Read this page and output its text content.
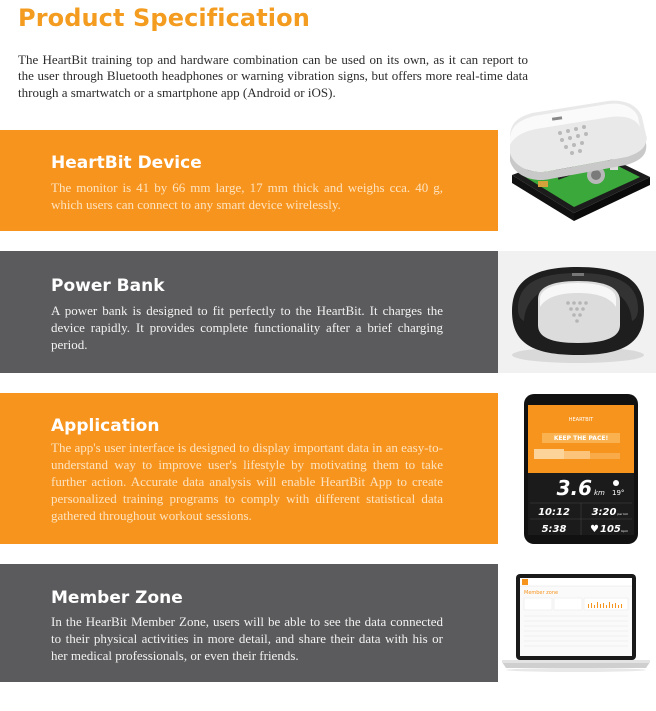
Product Specification
The HeartBit training top and hardware combination can be used on its own, as it can report to the user through Bluetooth headphones or warning vibration signs, but offers more real-time data through a smartwatch or a smartphone app (Android or iOS).
HeartBit Device

The monitor is 41 by 66 mm large, 17 mm thick and weighs cca. 40 g, which users can connect to any smart device wirelessly.

Power Bank

A power bank is designed to fit perfectly to the HeartBit. It charges the device rapidly. It provides complete functionality after a brief charging period.

Application

The app's user interface is designed to display important data in an easy-to-understand way to improve user's lifestyle by motivating them to take further action. Accurate data analysis will enable HeartBit App to create personalized training programs to comply with different statistical data gathered throughout workout sessions.

Member Zone

In the HearBit Member Zone, users will be able to see the data connected to their physical activities in more detail, and share their data with his or her medical professionals, or even their friends.

HEARTBIT
KEEP THE PACE!
3.6 km 19°
10:12 3:20 per km
5:38 ♥ 105 bpm
Member zone
